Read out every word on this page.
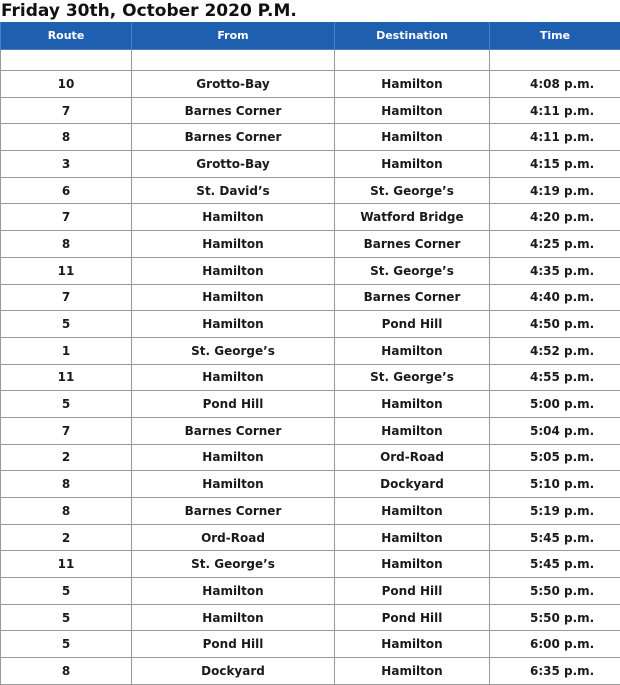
Friday 30th, October 2020 P.M.
Route	From	Destination	Time

10	Grotto-Bay	Hamilton	4:08 p.m.
7	Barnes Corner	Hamilton	4:11 p.m.
8	Barnes Corner	Hamilton	4:11 p.m.
3	Grotto-Bay	Hamilton	4:15 p.m.
6	St. David’s	St. George’s	4:19 p.m.
7	Hamilton	Watford Bridge	4:20 p.m.
8	Hamilton	Barnes Corner	4:25 p.m.
11	Hamilton	St. George’s	4:35 p.m.
7	Hamilton	Barnes Corner	4:40 p.m.
5	Hamilton	Pond Hill	4:50 p.m.
1	St. George’s	Hamilton	4:52 p.m.
11	Hamilton	St. George’s	4:55 p.m.
5	Pond Hill	Hamilton	5:00 p.m.
7	Barnes Corner	Hamilton	5:04 p.m.
2	Hamilton	Ord-Road	5:05 p.m.
8	Hamilton	Dockyard	5:10 p.m.
8	Barnes Corner	Hamilton	5:19 p.m.
2	Ord-Road	Hamilton	5:45 p.m.
11	St. George’s	Hamilton	5:45 p.m.
5	Hamilton	Pond Hill	5:50 p.m.
5	Hamilton	Pond Hill	5:50 p.m.
5	Pond Hill	Hamilton	6:00 p.m.
8	Dockyard	Hamilton	6:35 p.m.
